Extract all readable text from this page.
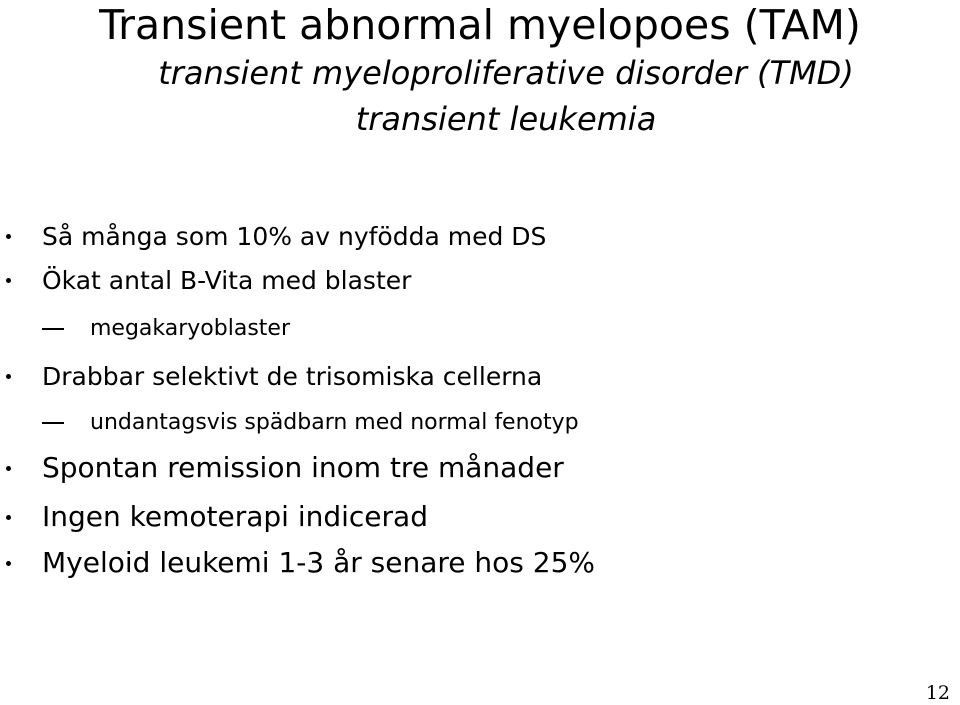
Transient abnormal myelopoes (TAM)
transient myeloproliferative disorder (TMD)
transient leukemia
Så många som 10% av nyfödda med DS
Ökat antal B-Vita med blaster
megakaryoblaster
Drabbar selektivt de trisomiska cellerna
undantagsvis spädbarn med normal fenotyp
Spontan remission inom tre månader
Ingen kemoterapi indicerad
Myeloid leukemi 1-3 år senare hos 25%
12
